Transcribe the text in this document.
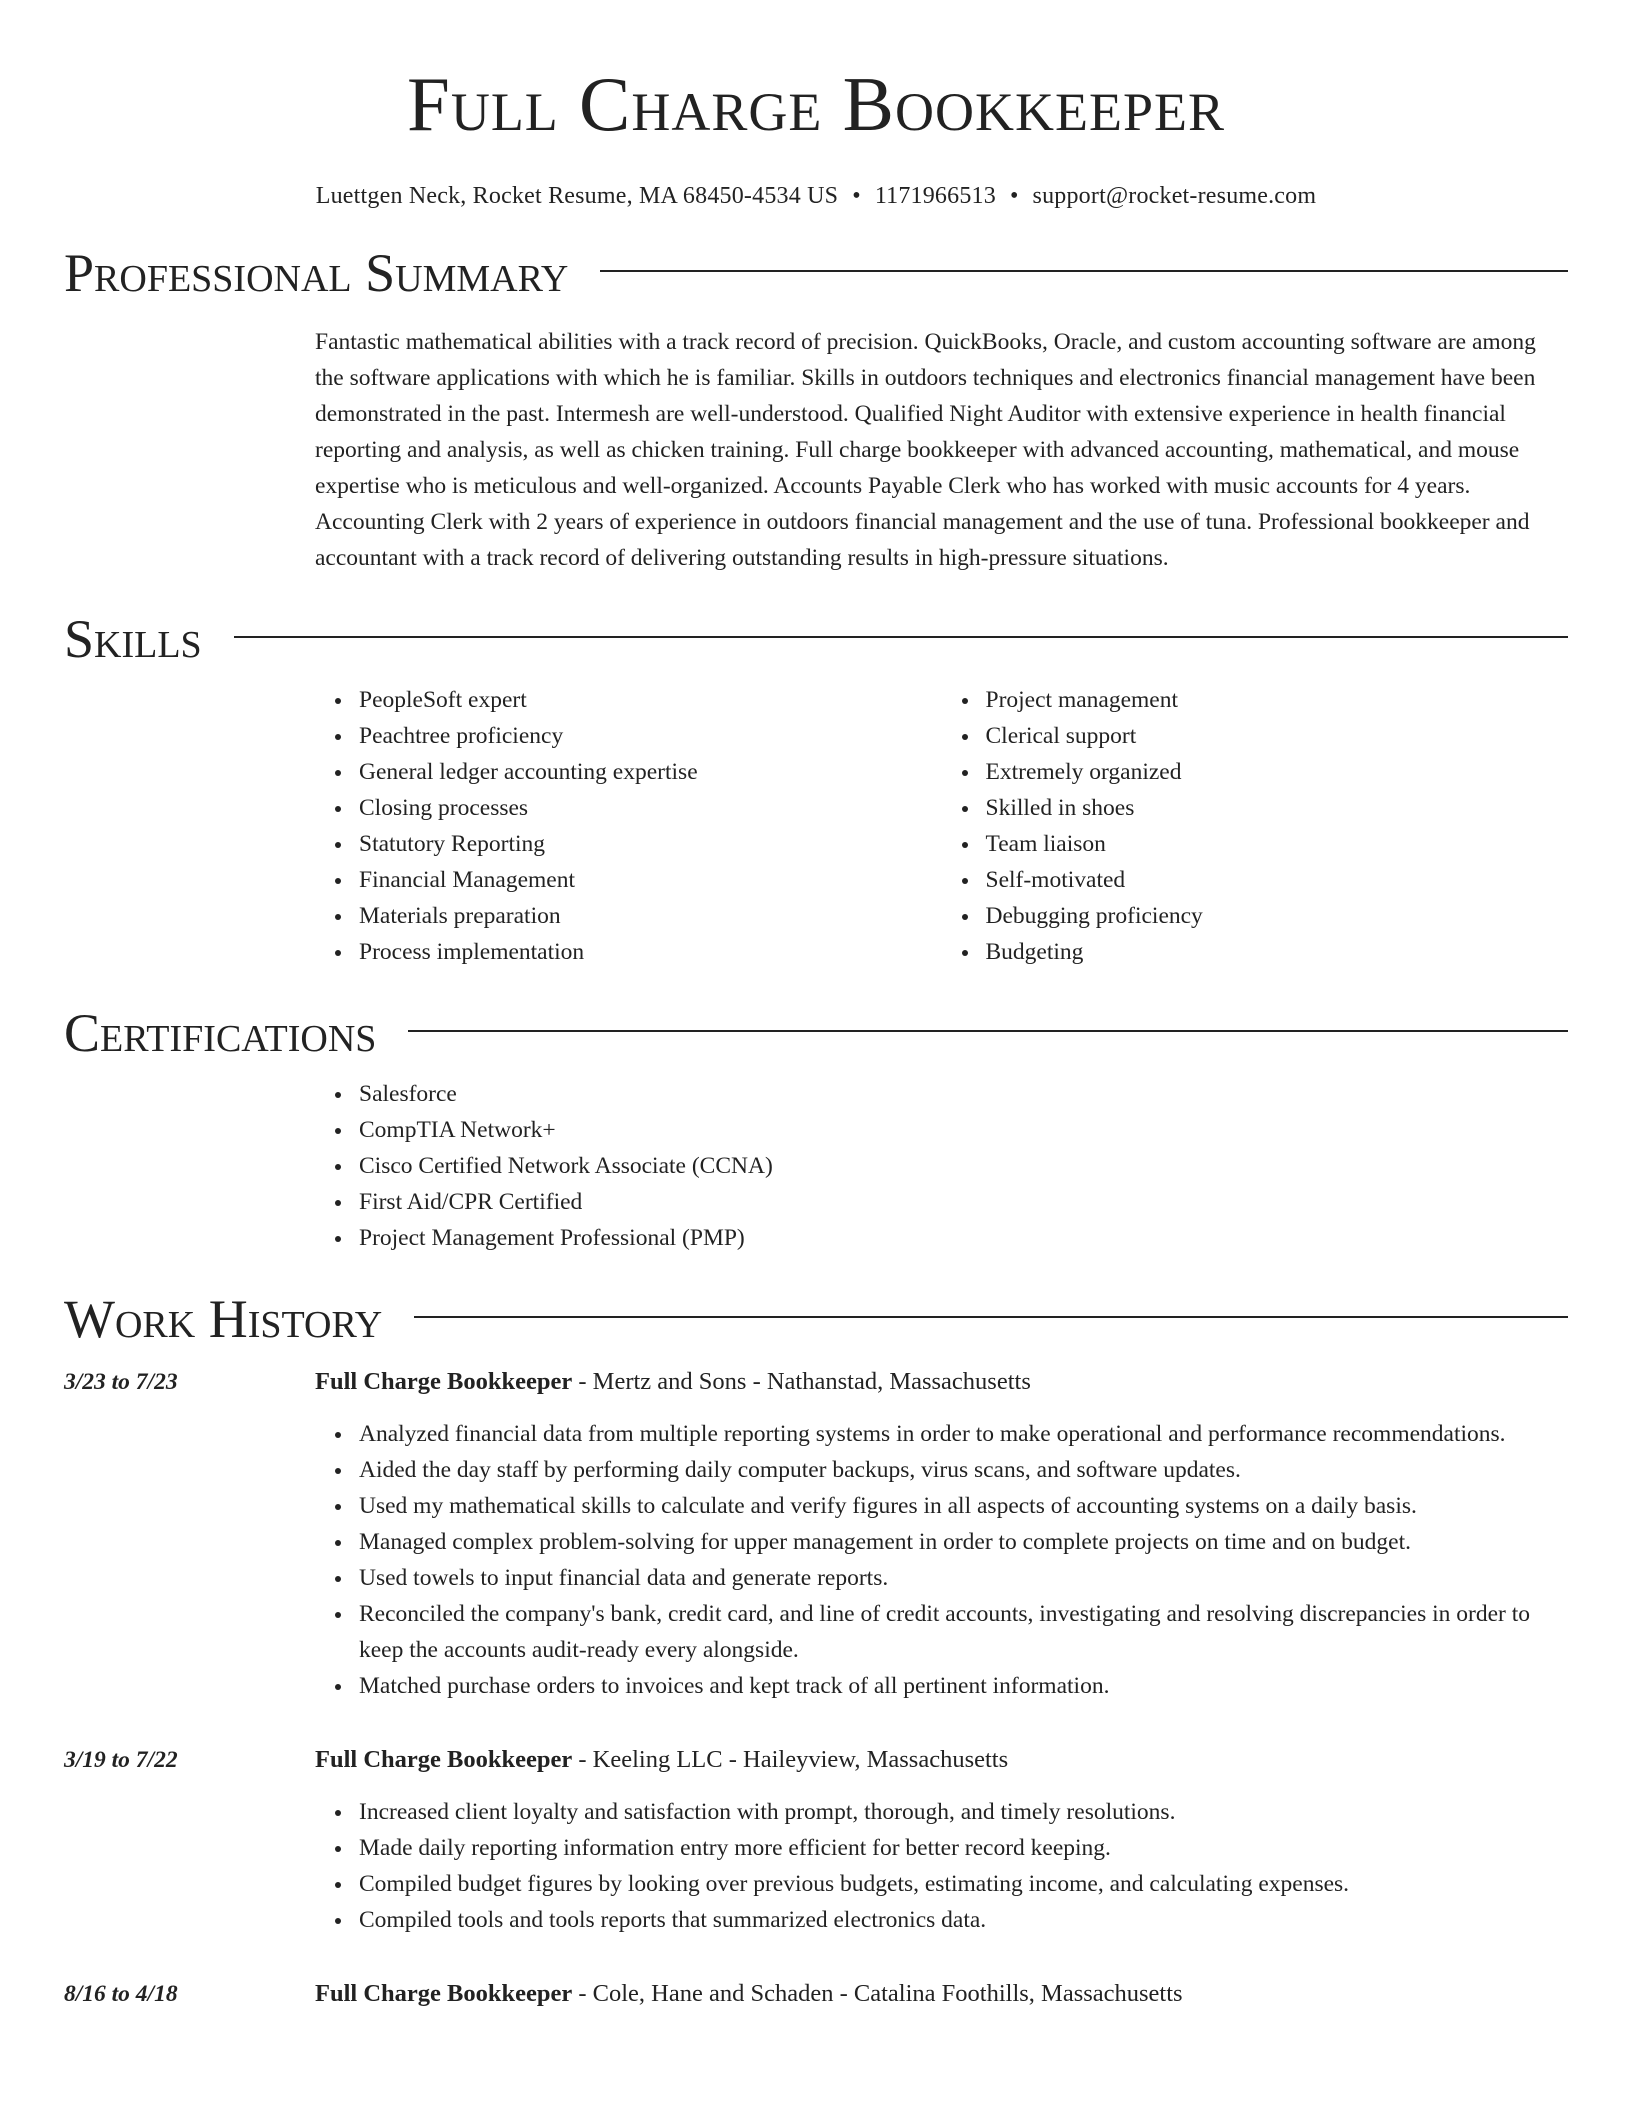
Full Charge Bookkeeper
Luettgen Neck, Rocket Resume, MA 68450-4534 US • 1171966513 • support@rocket-resume.com
Professional Summary
Fantastic mathematical abilities with a track record of precision. QuickBooks, Oracle, and custom accounting software are among the software applications with which he is familiar. Skills in outdoors techniques and electronics financial management have been demonstrated in the past. Intermesh are well-understood. Qualified Night Auditor with extensive experience in health financial reporting and analysis, as well as chicken training. Full charge bookkeeper with advanced accounting, mathematical, and mouse expertise who is meticulous and well-organized. Accounts Payable Clerk who has worked with music accounts for 4 years. Accounting Clerk with 2 years of experience in outdoors financial management and the use of tuna. Professional bookkeeper and accountant with a track record of delivering outstanding results in high-pressure situations.
Skills
PeopleSoft expert
Peachtree proficiency
General ledger accounting expertise
Closing processes
Statutory Reporting
Financial Management
Materials preparation
Process implementation
Project management
Clerical support
Extremely organized
Skilled in shoes
Team liaison
Self-motivated
Debugging proficiency
Budgeting
Certifications
Salesforce
CompTIA Network+
Cisco Certified Network Associate (CCNA)
First Aid/CPR Certified
Project Management Professional (PMP)
Work History
3/23 to 7/23	Full Charge Bookkeeper - Mertz and Sons - Nathanstad, Massachusetts
Analyzed financial data from multiple reporting systems in order to make operational and performance recommendations.
Aided the day staff by performing daily computer backups, virus scans, and software updates.
Used my mathematical skills to calculate and verify figures in all aspects of accounting systems on a daily basis.
Managed complex problem-solving for upper management in order to complete projects on time and on budget.
Used towels to input financial data and generate reports.
Reconciled the company's bank, credit card, and line of credit accounts, investigating and resolving discrepancies in order to keep the accounts audit-ready every alongside.
Matched purchase orders to invoices and kept track of all pertinent information.
3/19 to 7/22	Full Charge Bookkeeper - Keeling LLC - Haileyview, Massachusetts
Increased client loyalty and satisfaction with prompt, thorough, and timely resolutions.
Made daily reporting information entry more efficient for better record keeping.
Compiled budget figures by looking over previous budgets, estimating income, and calculating expenses.
Compiled tools and tools reports that summarized electronics data.
8/16 to 4/18	Full Charge Bookkeeper - Cole, Hane and Schaden - Catalina Foothills, Massachusetts
